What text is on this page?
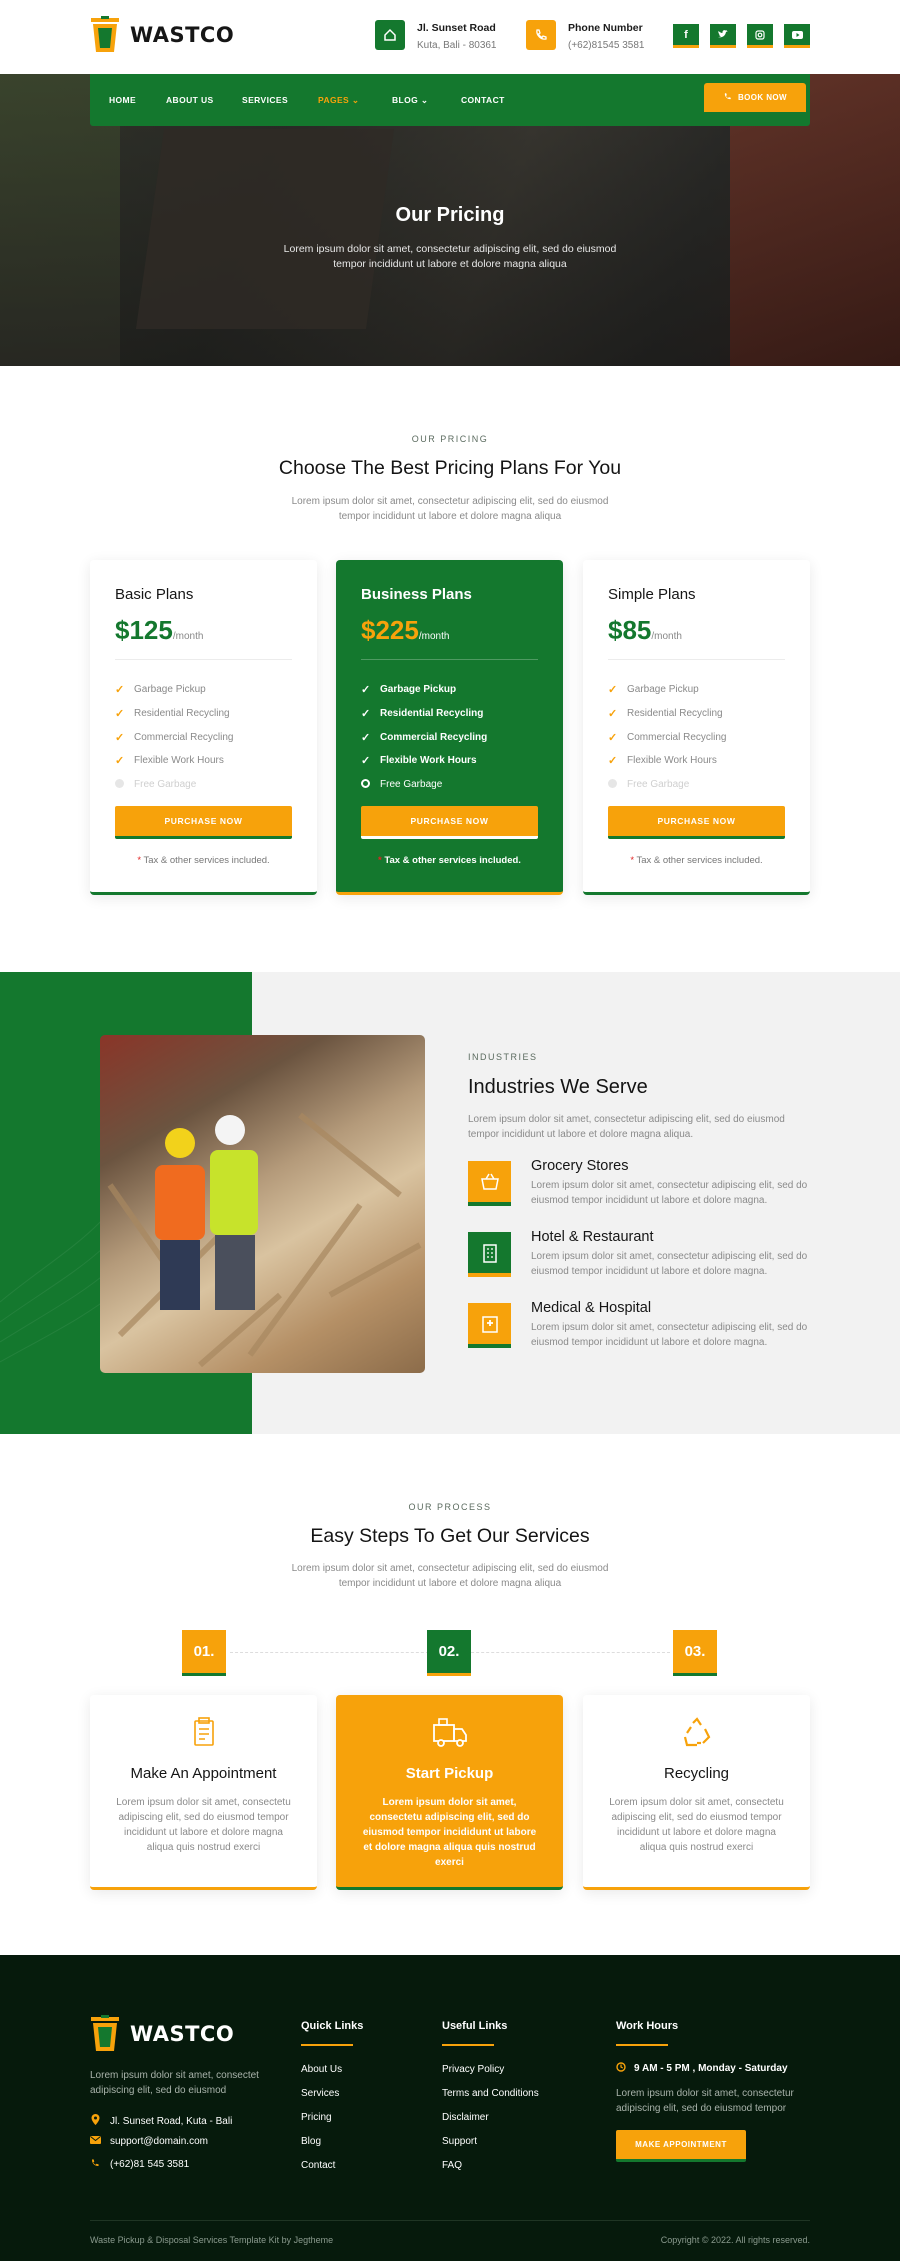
WASTCO	Jl. Sunset Road
Kuta, Bali - 80361
Phone Number
(+62)81545 3581
f
HOME	ABOUT US	SERVICES	PAGES ⌄	BLOG ⌄	CONTACT	BOOK NOW
Our Pricing
Lorem ipsum dolor sit amet, consectetur adipiscing elit, sed do eiusmod tempor incididunt ut labore et dolore magna aliqua
OUR PRICING
Choose The Best Pricing Plans For You
Lorem ipsum dolor sit amet, consectetur adipiscing elit, sed do eiusmod tempor incididunt ut labore et dolore magna aliqua
Basic Plans
$125/month
✓ Garbage Pickup
✓ Residential Recycling
✓ Commercial Recycling
✓ Flexible Work Hours
Free Garbage
PURCHASE NOW
* Tax & other services included.
Business Plans
$225/month
✓ Garbage Pickup
✓ Residential Recycling
✓ Commercial Recycling
✓ Flexible Work Hours
Free Garbage
PURCHASE NOW
* Tax & other services included.
Simple Plans
$85/month
✓ Garbage Pickup
✓ Residential Recycling
✓ Commercial Recycling
✓ Flexible Work Hours
Free Garbage
PURCHASE NOW
* Tax & other services included.
INDUSTRIES
Industries We Serve
Lorem ipsum dolor sit amet, consectetur adipiscing elit, sed do eiusmod tempor incididunt ut labore et dolore magna aliqua.
Grocery Stores
Lorem ipsum dolor sit amet, consectetur adipiscing elit, sed do eiusmod tempor incididunt ut labore et dolore magna.
Hotel & Restaurant
Lorem ipsum dolor sit amet, consectetur adipiscing elit, sed do eiusmod tempor incididunt ut labore et dolore magna.
Medical & Hospital
Lorem ipsum dolor sit amet, consectetur adipiscing elit, sed do eiusmod tempor incididunt ut labore et dolore magna.
OUR PROCESS
Easy Steps To Get Our Services
Lorem ipsum dolor sit amet, consectetur adipiscing elit, sed do eiusmod tempor incididunt ut labore et dolore magna aliqua
01.	02.	03.
Make An Appointment
Lorem ipsum dolor sit amet, consectetu adipiscing elit, sed do eiusmod tempor incididunt ut labore et dolore magna aliqua quis nostrud exerci
Start Pickup
Lorem ipsum dolor sit amet, consectetu adipiscing elit, sed do eiusmod tempor incididunt ut labore et dolore magna aliqua quis nostrud exerci
Recycling
Lorem ipsum dolor sit amet, consectetu adipiscing elit, sed do eiusmod tempor incididunt ut labore et dolore magna aliqua quis nostrud exerci
WASTCO
Lorem ipsum dolor sit amet, consectet adipiscing elit, sed do eiusmod
Jl. Sunset Road, Kuta - Bali
support@domain.com
(+62)81 545 3581
Quick Links
About Us
Services
Pricing
Blog
Contact
Useful Links
Privacy Policy
Terms and Conditions
Disclaimer
Support
FAQ
Work Hours
9 AM - 5 PM , Monday - Saturday
Lorem ipsum dolor sit amet, consectetur adipiscing elit, sed do eiusmod tempor
MAKE APPOINTMENT
Waste Pickup & Disposal Services Template Kit by Jegtheme	Copyright © 2022. All rights reserved.
